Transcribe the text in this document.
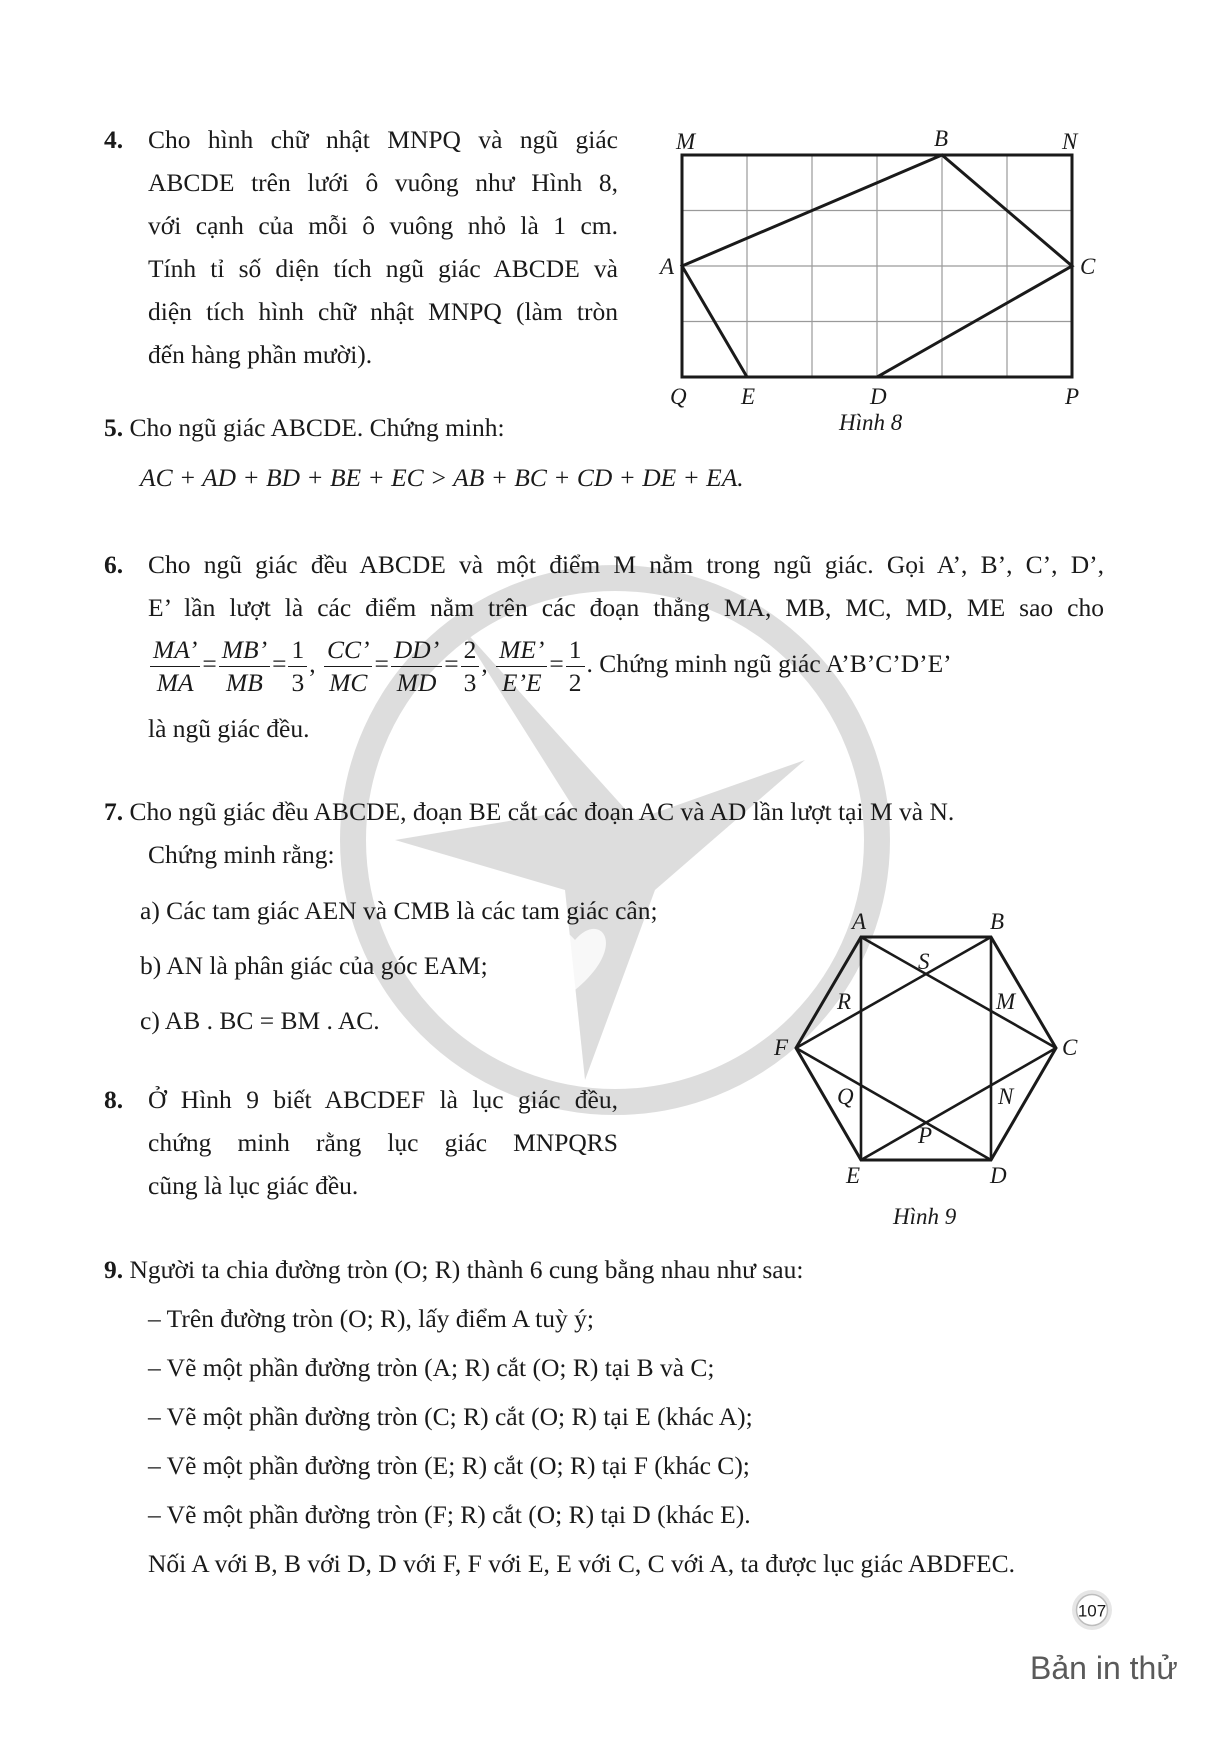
4. Cho hình chữ nhật MNPQ và ngũ giác
ABCDE trên lưới ô vuông như Hình 8,
với cạnh của mỗi ô vuông nhỏ là 1 cm.
Tính tỉ số diện tích ngũ giác ABCDE và
diện tích hình chữ nhật MNPQ (làm tròn
đến hàng phần mười).
M	B	N
A	C
Q E	D	P
Hình 8
5. Cho ngũ giác ABCDE. Chứng minh:
AC + AD + BD + BE + EC > AB + BC + CD + DE + EA.
6. Cho ngũ giác đều ABCDE và một điểm M nằm trong ngũ giác. Gọi A’, B’, C’, D’,
E’ lần lượt là các điểm nằm trên các đoạn thẳng MA, MB, MC, MD, ME sao cho
$\frac{MA’}{MA} = \frac{MB’}{MB} = \frac{1}{3}$ , $\frac{CC’}{MC} = \frac{DD’}{MD} = \frac{2}{3}$ , $\frac{ME’}{E’E} = \frac{1}{2}$ . Chứng minh ngũ giác A’B’C’D’E’
là ngũ giác đều.
7. Cho ngũ giác đều ABCDE, đoạn BE cắt các đoạn AC và AD lần lượt tại M và N.
Chứng minh rằng:
a) Các tam giác AEN và CMB là các tam giác cân;
b) AN là phân giác của góc EAM;
c) AB . BC = BM . AC.
8. Ở Hình 9 biết ABCDEF là lục giác đều,
chứng minh rằng lục giác MNPQRS
cũng là lục giác đều.
A	B
C
D
E
F
M
N
P
Q
R
S
Hình 9
9. Người ta chia đường tròn (O; R) thành 6 cung bằng nhau như sau:
– Trên đường tròn (O; R), lấy điểm A tuỳ ý;
– Vẽ một phần đường tròn (A; R) cắt (O; R) tại B và C;
– Vẽ một phần đường tròn (C; R) cắt (O; R) tại E (khác A);
– Vẽ một phần đường tròn (E; R) cắt (O; R) tại F (khác C);
– Vẽ một phần đường tròn (F; R) cắt (O; R) tại D (khác E).
Nối A với B, B với D, D với F, F với E, E với C, C với A, ta được lục giác ABDFEC.
107
Bản in thử
